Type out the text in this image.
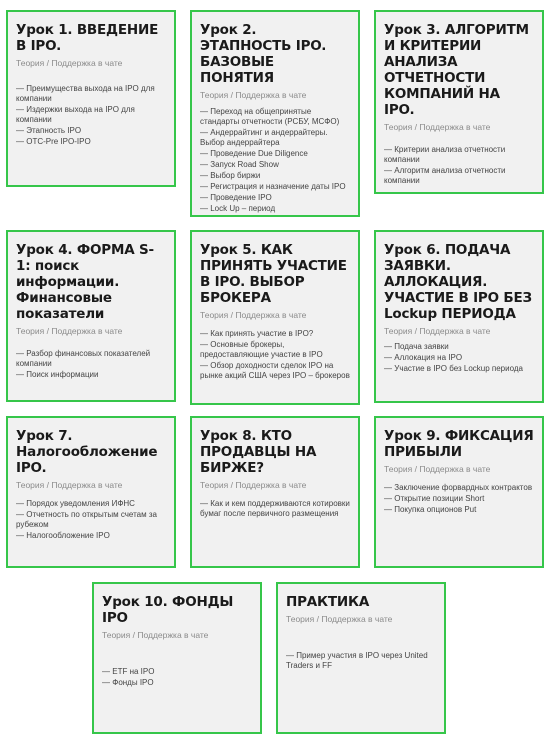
Урок 1. ВВЕДЕНИЕ В IPO.
Теория / Поддержка в чате
— Преимущества выхода на IPO для компании
— Издержки выхода на IPO для компании
— Этапность IPO
— OTC-Pre IPO-IPO
Урок 2. ЭТАПНОСТЬ IPO. БАЗОВЫЕ ПОНЯТИЯ
Теория / Поддержка в чате
— Переход на общепринятые стандарты отчетности (РСБУ, МСФО)
— Андеррайтинг и андеррайтеры. Выбор андеррайтера
— Проведение Due Diligence
— Запуск Road Show
— Выбор биржи
— Регистрация и назначение даты IPO
— Проведение IPO
— Lock Up – период
Урок 3. АЛГОРИТМ И КРИТЕРИИ АНАЛИЗА ОТЧЕТНОСТИ КОМПАНИЙ НА IPO.
Теория / Поддержка в чате
— Критерии анализа отчетности компании
— Алгоритм анализа отчетности компании
Урок 4. ФОРМА S-1: поиск информации. Финансовые показатели
Теория / Поддержка в чате
— Разбор финансовых показателей компании
— Поиск информации
Урок 5. КАК ПРИНЯТЬ УЧАСТИЕ В IPO. ВЫБОР БРОКЕРА
Теория / Поддержка в чате
— Как принять участие в IPO?
— Основные брокеры, предоставляющие участие в IPO
— Обзор доходности сделок IPO на рынке акций США через IPO – брокеров
Урок 6. ПОДАЧА ЗАЯВКИ. АЛЛОКАЦИЯ. УЧАСТИЕ В IPO БЕЗ Lockup ПЕРИОДА
Теория / Поддержка в чате
— Подача заявки
— Аллокация на IPO
— Участие в IPO без Lockup периода
Урок 7. Налогообложение IPO.
Теория / Поддержка в чате
— Порядок уведомления ИФНС
— Отчетность по открытым счетам за рубежом
— Налогообложение IPO
Урок 8. КТО ПРОДАВЦЫ НА БИРЖЕ?
Теория / Поддержка в чате
— Как и кем поддерживаются котировки бумаг после первичного размещения
Урок 9. ФИКСАЦИЯ ПРИБЫЛИ
Теория / Поддержка в чате
— Заключение форвардных контрактов
— Открытие позиции Short
— Покупка опционов Put
Урок 10. ФОНДЫ IPO
Теория / Поддержка в чате
— ETF на IPO
— Фонды IPO
ПРАКТИКА
Теория / Поддержка в чате
— Пример участия в IPO через United Traders и FF
